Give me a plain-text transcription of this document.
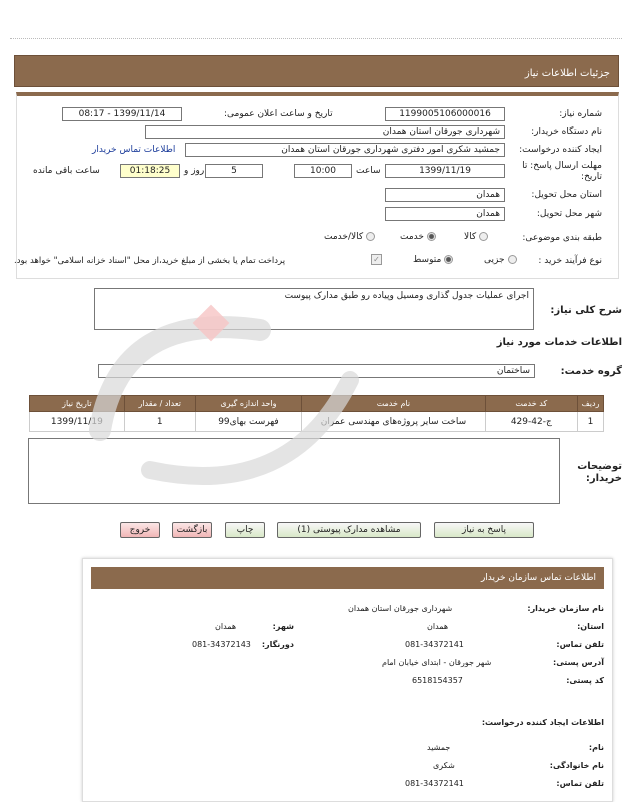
جزئیات اطلاعات نیاز
شماره نیاز:
1199005106000016
تاریخ و ساعت اعلان عمومی:
1399/11/14 - 08:17
نام دستگاه خریدار:
شهرداری جورقان استان همدان
ایجاد کننده درخواست:
جمشید شکری امور دفتری شهرداری جورقان استان همدان
اطلاعات تماس خریدار
مهلت ارسال پاسخ: تا تاریخ:
1399/11/19
ساعت
10:00
5
روز و
01:18:25
ساعت باقی مانده
استان محل تحویل:
همدان
شهر محل تحویل:
همدان
طبقه بندی موضوعی:
کالا
خدمت
کالا/خدمت
نوع فرآیند خرید :
جزیی
متوسط
✓
پرداخت تمام یا بخشی از مبلغ خرید،از محل "اسناد خزانه اسلامی" خواهد بود.
شرح کلی نیاز:
اجرای عملیات جدول گذاری ومسیل وپیاده رو طبق مدارک پیوست
اطلاعات خدمات مورد نیاز
گروه خدمت:
ساختمان
ردیف	کد خدمت	نام خدمت	واحد اندازه گیری	تعداد / مقدار	تاریخ نیاز
1	ج-42-429	ساخت سایر پروژه‌های مهندسی عمران	فهرست بهای99	1	1399/11/19
توضیحات خریدار:
پاسخ به نیاز
مشاهده مدارک پیوستی (1)
چاپ
بازگشت
خروج
اطلاعات تماس سازمان خریدار
نام سازمان خریدار:
شهرداری جورقان استان همدان
استان:
همدان
شهر:
همدان
تلفن تماس:
081-34372141
دورنگار:
081-34372143
آدرس پستی:
شهر جورقان - ابتدای خیابان امام
کد پستی:
6518154357
اطلاعات ایجاد کننده درخواست:
نام:
جمشید
نام خانوادگی:
شکری
تلفن تماس:
081-34372141
